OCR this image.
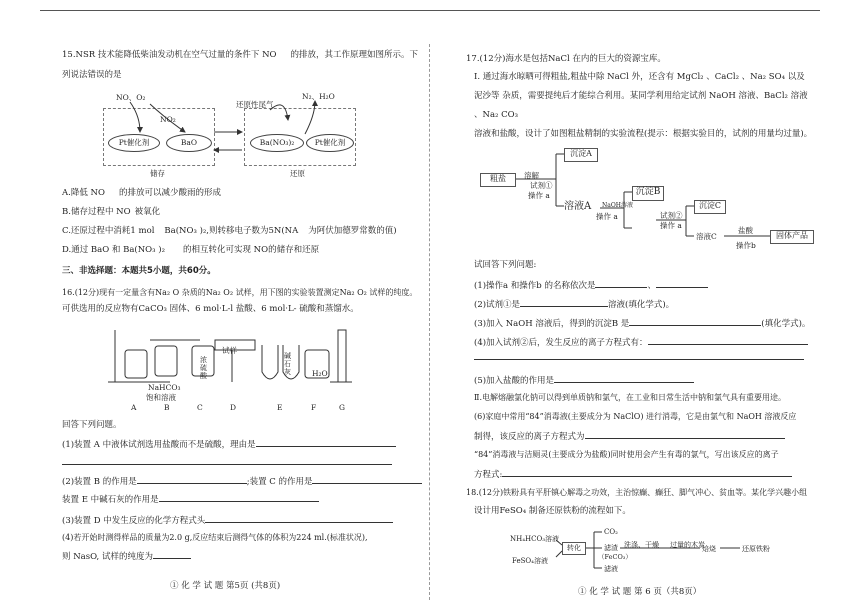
15.NSR 技术能降低柴油发动机在空气过量的条件下 NO 的排放，其工作原理如图所示。下
列说法错误的是
NO、O₂
NO₂
还原性尾气
N₂、H₂O
Pt催化剂	BaO	Ba(NO₃)₂	Pt催化剂
储存	还原
A.降低 NO 的排放可以减少酸雨的形成
B.储存过程中 NO 被氧化
C.还原过程中消耗1 mol Ba(NO₃ )₂,则转移电子数为5N(NA 为阿伏加德罗常数的值)
D.通过 BaO 和 Ba(NO₃ )₂ 的相互转化可实现 NO的储存和还原
三、非选择题：本题共5小题，共60分。
16.(12分)现有一定量含有Na₂ O 杂质的Na₂ O₂ 试样，用下图的实验装置测定Na₂ O₂ 试样的纯度。
可供选用的反应物有CaCO₃ 固体、6 mol·L-l 盐酸、6 mol·L- 硫酸和蒸馏水。
NaHCO₃
饱和溶液
浓硫酸
试样
碱石灰	H₂O
A	B	C	D	E	F	G
回答下列问题。
(1)装置 A 中液体试剂选用盐酸而不是硫酸，理由是
(2)装置 B 的作用是	;装置 C 的作用是
装置 E 中碱石灰的作用是
(3)装置 D 中发生反应的化学方程式头
(4)若开始时测得样品的质量为2.0 g,反应结束后测得气体的体积为224 ml.(标准状况),
则 NasO, 试样的纯度为
① 化 学 试 题 第5页 (共8页)
17.(12分)海水是包括NaCl 在内的巨大的资源宝库。
I. 通过海水晾晒可得粗盐,粗盐中除 NaCl 外，还含有 MgCl₂ 、CaCl₂ 、Na₂ SO₄ 以及
泥沙等 杂质，需要提纯后才能综合利用。某同学利用给定试剂 NaOH 溶液、BaCl₂ 溶液
、Na₂ CO₃
溶液和盐酸，设计了如图粗盐精制的实验流程(提示：根据实验目的，试剂的用量均过量)。
粗盐	溶解
试剂①
操作 a
沉淀A
溶液A NaOH溶液
操作 a
沉淀B
试剂②
操作 a
沉淀C
溶液C
盐酸
操作b
固体产品
试回答下列问题:
(1)操作a 和操作b 的名称依次是	、
(2)试剂①是	溶液(填化学式)。
(3)加入 NaOH 溶液后，得到的沉淀B 是	(填化学式)。
(4)加入试剂②后，发生反应的离子方程式有：
(5)加入盐酸的作用是
Ⅱ.电解熔融氯化钠可以得到单质钠和氯气，在工业和日常生活中钠和氯气具有重要用途。
(6)家庭中常用“84”消毒液(主要成分为 NaClO) 进行消毒，它是由氯气和 NaOH 溶液反应
制得，该反应的离子方程式为
“84”消毒液与洁厕灵(主要成分为盐酸)同时使用会产生有毒的氯气，写出该反应的离子
方程式:
18.(12分)铁粉具有平肝镇心解毒之功效，主治惊癫、癫狂、脚气冲心、贫血等。某化学兴趣小组
设计用FeSO₄ 制备还原铁粉的流程如下。
NH₄HCO₃溶液
FeSO₄溶液
转化
CO₂
滤渣
（FeCO₃）
滤液
洗涤、干燥 过量的木炭
焙烧	还原铁粉
① 化 学 试 题 第 6 页（共8页）
